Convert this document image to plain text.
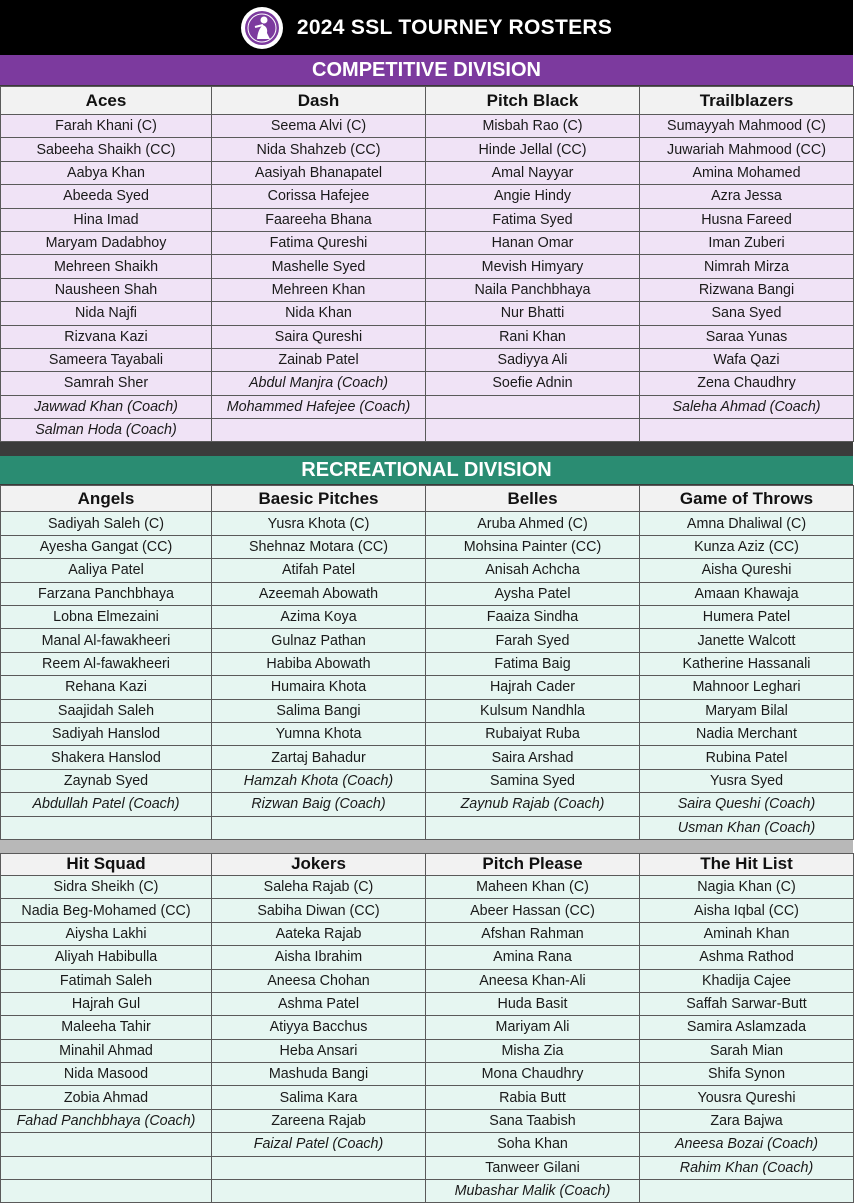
2024 SSL TOURNEY ROSTERS
COMPETITIVE DIVISION
Aces	Dash	Pitch Black	Trailblazers
Farah Khani (C)	Seema Alvi (C)	Misbah Rao (C)	Sumayyah Mahmood (C)
Sabeeha Shaikh (CC)	Nida Shahzeb (CC)	Hinde Jellal (CC)	Juwariah Mahmood (CC)
Aabya Khan	Aasiyah Bhanapatel	Amal Nayyar	Amina Mohamed
Abeeda Syed	Corissa Hafejee	Angie Hindy	Azra Jessa
Hina Imad	Faareeha Bhana	Fatima Syed	Husna Fareed
Maryam Dadabhoy	Fatima Qureshi	Hanan Omar	Iman Zuberi
Mehreen Shaikh	Mashelle Syed	Mevish Himyary	Nimrah Mirza
Nausheen Shah	Mehreen Khan	Naila Panchbhaya	Rizwana Bangi
Nida Najfi	Nida Khan	Nur Bhatti	Sana Syed
Rizvana Kazi	Saira Qureshi	Rani Khan	Saraa Yunas
Sameera Tayabali	Zainab Patel	Sadiyya Ali	Wafa Qazi
Samrah Sher	Abdul Manjra (Coach)	Soefie Adnin	Zena Chaudhry
Jawwad Khan (Coach)	Mohammed Hafejee (Coach)		Saleha Ahmad (Coach)
Salman Hoda (Coach)			
RECREATIONAL DIVISION
Angels	Baesic Pitches	Belles	Game of Throws
Sadiyah Saleh (C)	Yusra Khota (C)	Aruba Ahmed (C)	Amna Dhaliwal (C)
Ayesha Gangat (CC)	Shehnaz Motara (CC)	Mohsina Painter (CC)	Kunza Aziz (CC)
Aaliya Patel	Atifah Patel	Anisah Achcha	Aisha Qureshi
Farzana Panchbhaya	Azeemah Abowath	Aysha Patel	Amaan Khawaja
Lobna Elmezaini	Azima Koya	Faaiza Sindha	Humera Patel
Manal Al-fawakheeri	Gulnaz Pathan	Farah Syed	Janette Walcott
Reem Al-fawakheeri	Habiba Abowath	Fatima Baig	Katherine Hassanali
Rehana Kazi	Humaira Khota	Hajrah Cader	Mahnoor Leghari
Saajidah Saleh	Salima Bangi	Kulsum Nandhla	Maryam Bilal
Sadiyah Hanslod	Yumna Khota	Rubaiyat Ruba	Nadia Merchant
Shakera Hanslod	Zartaj Bahadur	Saira Arshad	Rubina Patel
Zaynab Syed	Hamzah Khota (Coach)	Samina Syed	Yusra Syed
Abdullah Patel (Coach)	Rizwan Baig (Coach)	Zaynub Rajab (Coach)	Saira Queshi (Coach)
			Usman Khan (Coach)
Hit Squad	Jokers	Pitch Please	The Hit List
Sidra Sheikh (C)	Saleha Rajab (C)	Maheen Khan (C)	Nagia Khan (C)
Nadia Beg-Mohamed (CC)	Sabiha Diwan (CC)	Abeer Hassan (CC)	Aisha Iqbal (CC)
Aiysha Lakhi	Aateka Rajab	Afshan Rahman	Aminah Khan
Aliyah Habibulla	Aisha Ibrahim	Amina Rana	Ashma Rathod
Fatimah Saleh	Aneesa Chohan	Aneesa Khan-Ali	Khadija Cajee
Hajrah Gul	Ashma Patel	Huda Basit	Saffah Sarwar-Butt
Maleeha Tahir	Atiyya Bacchus	Mariyam Ali	Samira Aslamzada
Minahil Ahmad	Heba Ansari	Misha Zia	Sarah Mian
Nida Masood	Mashuda Bangi	Mona Chaudhry	Shifa Synon
Zobia Ahmad	Salima Kara	Rabia Butt	Yousra Qureshi
Fahad Panchbhaya (Coach)	Zareena Rajab	Sana Taabish	Zara Bajwa
	Faizal Patel (Coach)	Soha Khan	Aneesa Bozai (Coach)
		Tanweer Gilani	Rahim Khan (Coach)
		Mubashar Malik (Coach)	
